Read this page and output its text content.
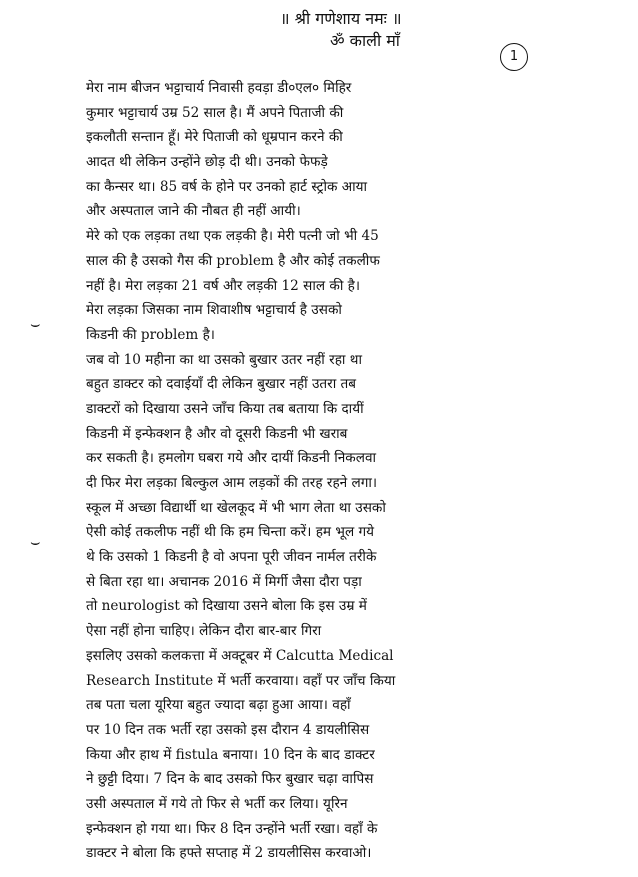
॥ श्री गणेशाय नमः ॥
ॐ काली माँ
1
⌣
⌣
मेरा नाम बीजन भट्टाचार्य निवासी हवड़ा डी०एल० मिहिर
कुमार भट्टाचार्य उम्र 52 साल है। मैं अपने पिताजी की
इकलौती सन्तान हूँ। मेरे पिताजी को धूम्रपान करने की
आदत थी लेकिन उन्होंने छोड़ दी थी। उनको फेफड़े
का कैन्सर था। 85 वर्ष के होने पर उनको हार्ट स्ट्रोक आया
और अस्पताल जाने की नौबत ही नहीं आयी।
मेरे को एक लड़का तथा एक लड़की है। मेरी पत्नी जो भी 45
साल की है उसको गैस की problem है और कोई तकलीफ
नहीं है। मेरा लड़का 21 वर्ष और लड़की 12 साल की है।
मेरा लड़का जिसका नाम शिवाशीष भट्टाचार्य है उसको
किडनी की problem है।
जब वो 10 महीना का था उसको बुखार उतर नहीं रहा था
बहुत डाक्टर को दवाईयाँ दी लेकिन बुखार नहीं उतरा तब
डाक्टरों को दिखाया उसने जाँच किया तब बताया कि दायीं
किडनी में इन्फेक्शन है और वो दूसरी किडनी भी खराब
कर सकती है। हमलोग घबरा गये और दायीं किडनी निकलवा
दी फिर मेरा लड़का बिल्कुल आम लड़कों की तरह रहने लगा।
स्कूल में अच्छा विद्यार्थी था खेलकूद में भी भाग लेता था उसको
ऐसी कोई तकलीफ नहीं थी कि हम चिन्ता करें। हम भूल गये
थे कि उसको 1 किडनी है वो अपना पूरी जीवन नार्मल तरीके
से बिता रहा था। अचानक 2016 में मिर्गी जैसा दौरा पड़ा
तो neurologist को दिखाया उसने बोला कि इस उम्र में
ऐसा नहीं होना चाहिए। लेकिन दौरा बार-बार गिरा
इसलिए उसको कलकत्ता में अक्टूबर में Calcutta Medical
Research Institute में भर्ती करवाया। वहाँ पर जाँच किया
तब पता चला यूरिया बहुत ज्यादा बढ़ा हुआ आया। वहाँ
पर 10 दिन तक भर्ती रहा उसको इस दौरान 4 डायलीसिस
किया और हाथ में fistula बनाया। 10 दिन के बाद डाक्टर
ने छुट्टी दिया। 7 दिन के बाद उसको फिर बुखार चढ़ा वापिस
उसी अस्पताल में गये तो फिर से भर्ती कर लिया। यूरिन
इन्फेक्शन हो गया था। फिर 8 दिन उन्होंने भर्ती रखा। वहाँ के
डाक्टर ने बोला कि हफ्ते सप्ताह में 2 डायलीसिस करवाओ।
